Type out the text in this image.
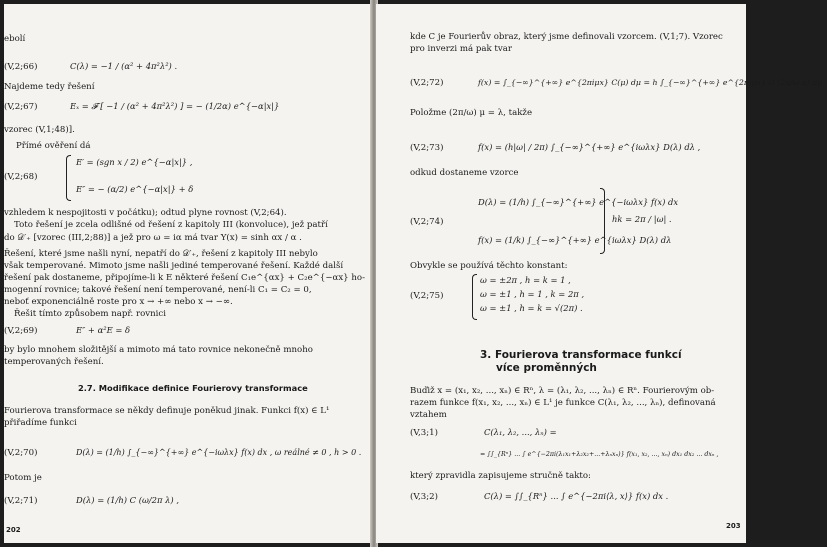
ebolí
(V,2;66)	C(λ) = −1 / (α² + 4π²λ²) .
Najdeme tedy řešení
(V,2;67)	Eₓ = 𝓕 [ −1 / (α² + 4π²λ²) ] = − (1/2α) e^{−α|x|}
vzorec (V,1;48)].
Přímé ověření dá
(V,2;68)
E′ = (sgn x / 2) e^{−α|x|} ,
E″ = − (α/2) e^{−α|x|} + δ
vzhledem k nespojitosti v počátku); odtud plyne rovnost (V,2;64).
Toto řešení je zcela odlišné od řešení z kapitoly III (konvoluce), jež patří
do 𝒟′₊ [vzorec (III,2;88)] a jež pro ω = iα má tvar Y(x) = sinh αx / α .
Řešení, které jsme našli nyní, nepatří do 𝒟′₊, řešení z kapitoly III nebylo
však temperované. Mimoto jsme našli jediné temperované řešení. Každé další
řešení pak dostaneme, připojíme-li k E některé řešení C₁e^{αx} + C₂e^{−αx} ho-
mogenní rovnice; takové řešení není temperované, není-li C₁ = C₂ = 0,
neboť exponenciálně roste pro x → +∞ nebo x → −∞.
Řešit tímto způsobem např. rovnici
(V,2;69)	E″ + α²E = δ
by bylo mnohem složitější a mimoto má tato rovnice nekonečně mnoho
temperovaných řešení.
2.7. Modifikace definice Fourierovy transformace
Fourierova transformace se někdy definuje poněkud jinak. Funkci f(x) ∈ L¹
přiřadíme funkci
(V,2;70)	D(λ) = (1/h) ∫_{−∞}^{+∞} e^{−iωλx} f(x) dx , ω reálné ≠ 0 , h > 0 .
Potom je
(V,2;71)	D(λ) = (1/h) C (ω/2π λ) ,
202
kde C je Fourierův obraz, který jsme definovali vzorcem. (V,1;7). Vzorec
pro inverzi má pak tvar
(V,2;72)	f(x) = ∫_{−∞}^{+∞} e^{2πiμx} C(μ) dμ = h ∫_{−∞}^{+∞} e^{2πiμx} D (2π/ω μ) dμ .
Položme (2π/ω) μ = λ, takže
(V,2;73)	f(x) = (h|ω| / 2π) ∫_{−∞}^{+∞} e^{iωλx} D(λ) dλ ,
odkud dostaneme vzorce
(V,2;74)
D(λ) = (1/h) ∫_{−∞}^{+∞} e^{−iωλx} f(x) dx
f(x) = (1/k) ∫_{−∞}^{+∞} e^{iωλx} D(λ) dλ
hk = 2π / |ω| .
Obvykle se používá těchto konstant:
(V,2;75)
ω = ±2π , h = k = 1 ,
ω = ±1 , h = 1 , k = 2π ,
ω = ±1 , h = k = √(2π) .
3. Fourierova transformace funkcí
více proměnných
Buďiž x = (x₁, x₂, ..., xₙ) ∈ Rⁿ, λ = (λ₁, λ₂, ..., λₙ) ∈ Rⁿ. Fourierovým ob-
razem funkce f(x₁, x₂, ..., xₙ) ∈ L¹ je funkce C(λ₁, λ₂, ..., λₙ), definovaná
vztahem
(V,3;1)	C(λ₁, λ₂, ..., λₙ) =
= ∫∫_{Rⁿ} ... ∫ e^{−2πi(λ₁x₁+λ₂x₂+...+λₙxₙ)} f(x₁, x₂, ..., xₙ) dx₁ dx₂ ... dxₙ ,
který zpravidla zapisujeme stručně takto:
(V,3;2)	C(λ) = ∫∫_{Rⁿ} ... ∫ e^{−2πi⟨λ, x⟩} f(x) dx .
203
